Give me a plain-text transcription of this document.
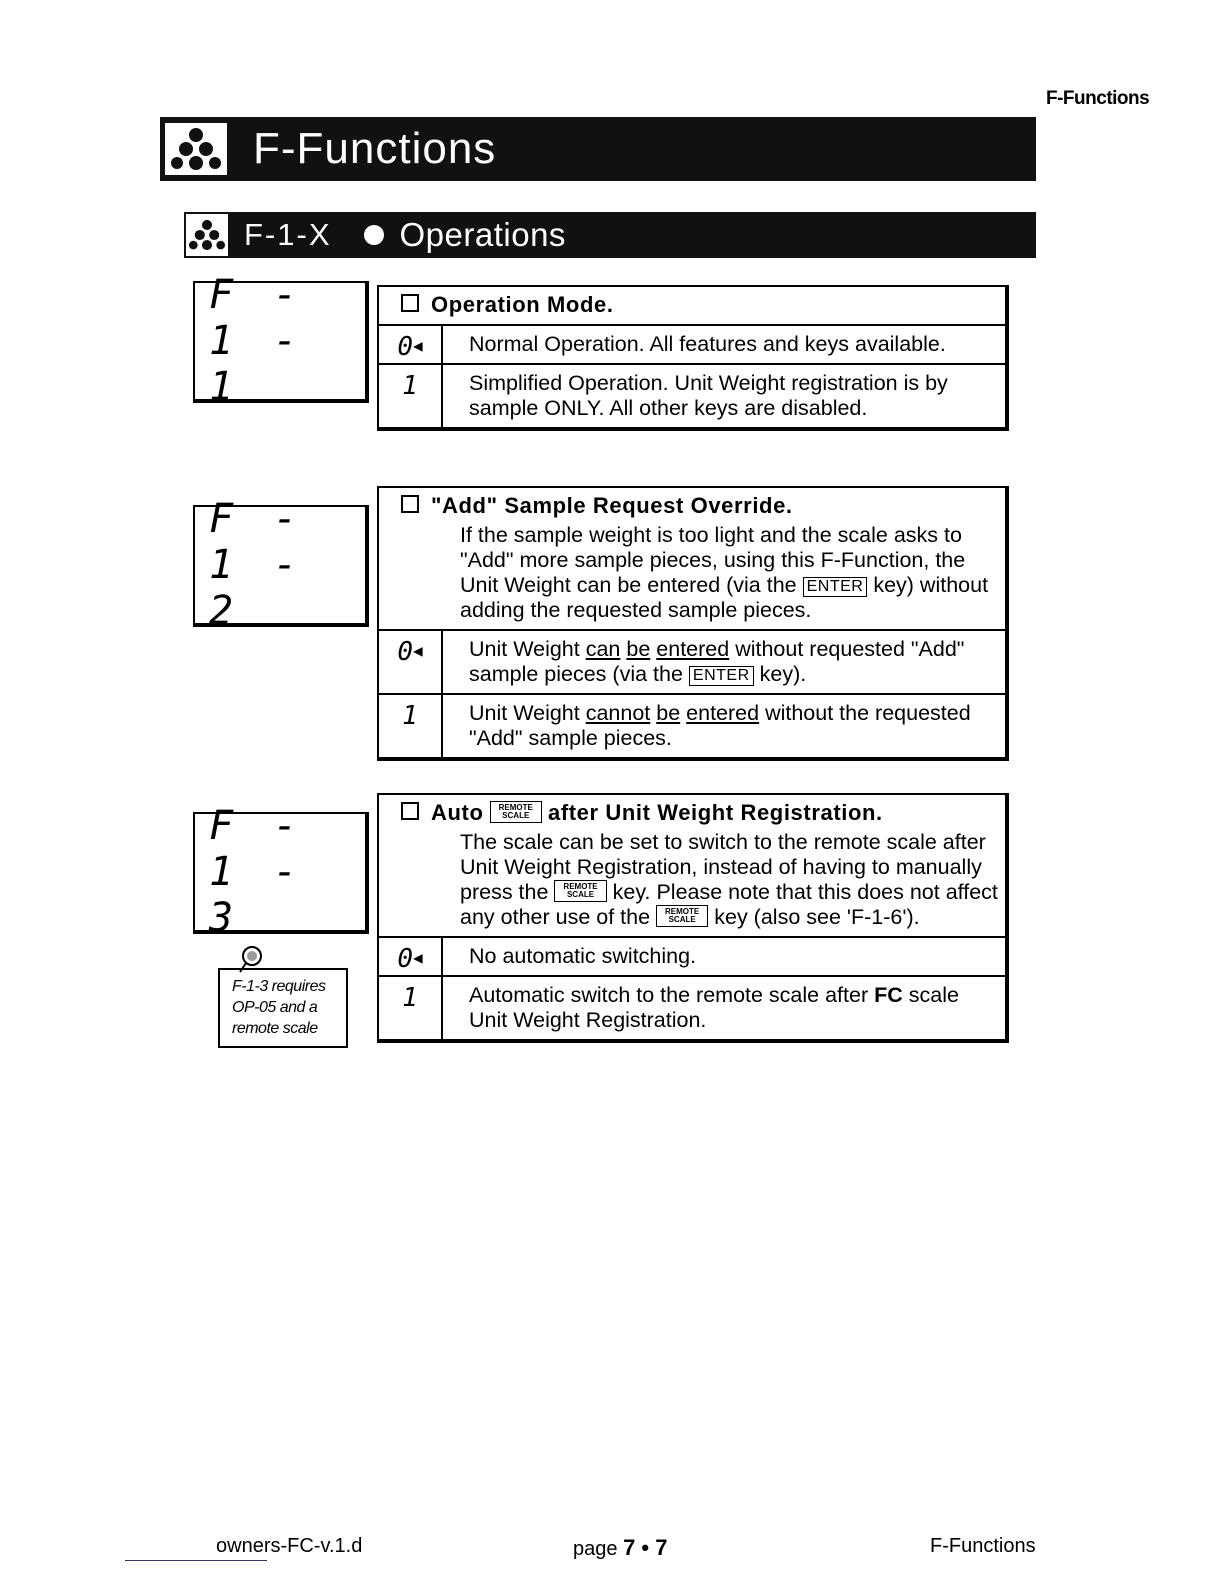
F-Functions
F-Functions
F-1-X Operations
F - 1 - 1
Operation Mode.
0◀	Normal Operation. All features and keys available.
1	Simplified Operation. Unit Weight registration is by sample ONLY. All other keys are disabled.
F - 1 - 2
"Add" Sample Request Override.
If the sample weight is too light and the scale asks to "Add" more sample pieces, using this F-Function, the Unit Weight can be entered (via the ENTER key) without adding the requested sample pieces.
0◀	Unit Weight can be entered without requested "Add" sample pieces (via the ENTER key).
1	Unit Weight cannot be entered without the requested "Add" sample pieces.
F - 1 - 3
Auto REMOTE
SCALE after Unit Weight Registration.
The scale can be set to switch to the remote scale after Unit Weight Registration, instead of having to manually press the REMOTE
SCALE key. Please note that this does not affect any other use of the REMOTE
SCALE key (also see 'F-1-6').
0◀	No automatic switching.
1	Automatic switch to the remote scale after FC scale Unit Weight Registration.
F-1-3 requires
OP-05 and a
remote scale
owners-FC-v.1.d	page 7 • 7	F-Functions
